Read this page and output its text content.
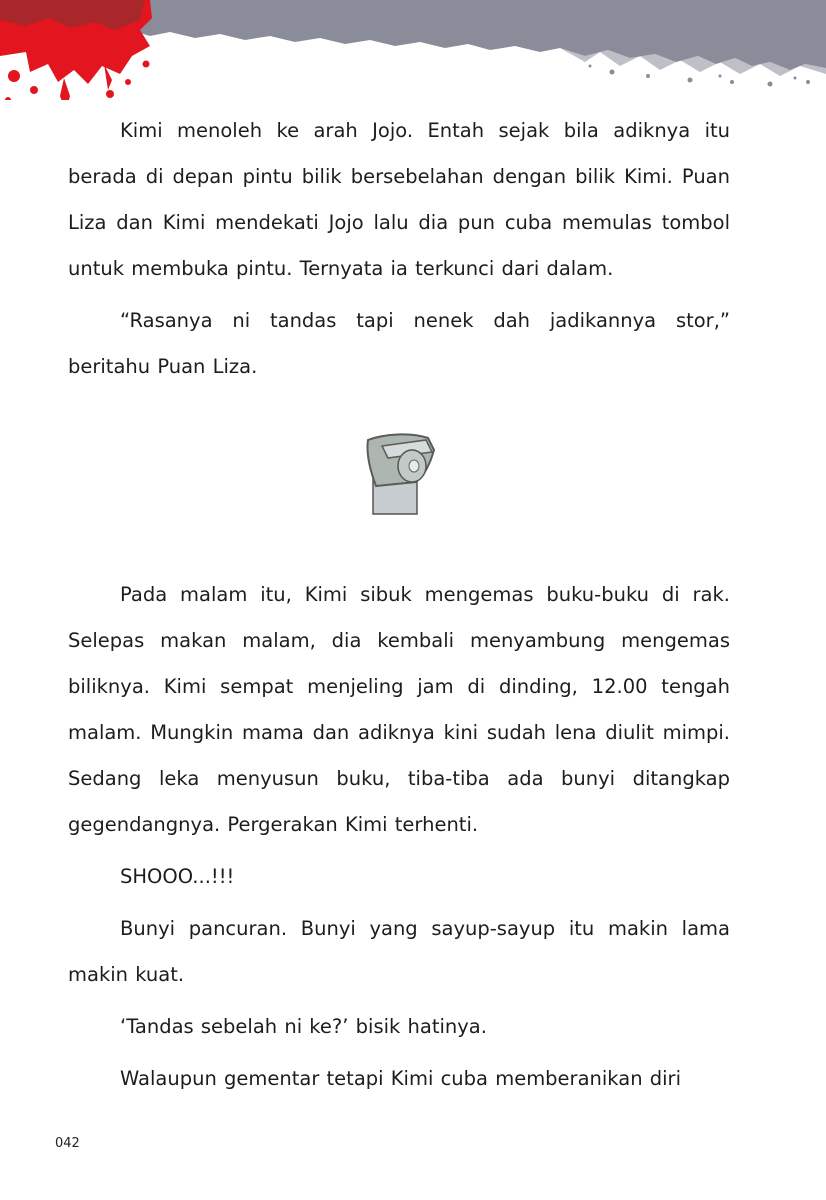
Kimi menoleh ke arah Jojo. Entah sejak bila adiknya itu berada di depan pintu bilik bersebelahan dengan bilik Kimi. Puan Liza dan Kimi mendekati Jojo lalu dia pun cuba memulas tombol untuk membuka pintu. Ternyata ia terkunci dari dalam.

“Rasanya ni tandas tapi nenek dah jadikannya stor,” beritahu Puan Liza.

Pada malam itu, Kimi sibuk mengemas buku-buku di rak. Selepas makan malam, dia kembali menyambung mengemas biliknya. Kimi sempat menjeling jam di dinding, 12.00 tengah malam. Mungkin mama dan adiknya kini sudah lena diulit mimpi. Sedang leka menyusun buku, tiba-tiba ada bunyi ditangkap gegendangnya. Pergerakan Kimi terhenti.

SHOOO...!!!

Bunyi pancuran. Bunyi yang sayup-sayup itu makin lama makin kuat.

‘Tandas sebelah ni ke?’ bisik hatinya.

Walaupun gementar tetapi Kimi cuba memberanikan diri

042
